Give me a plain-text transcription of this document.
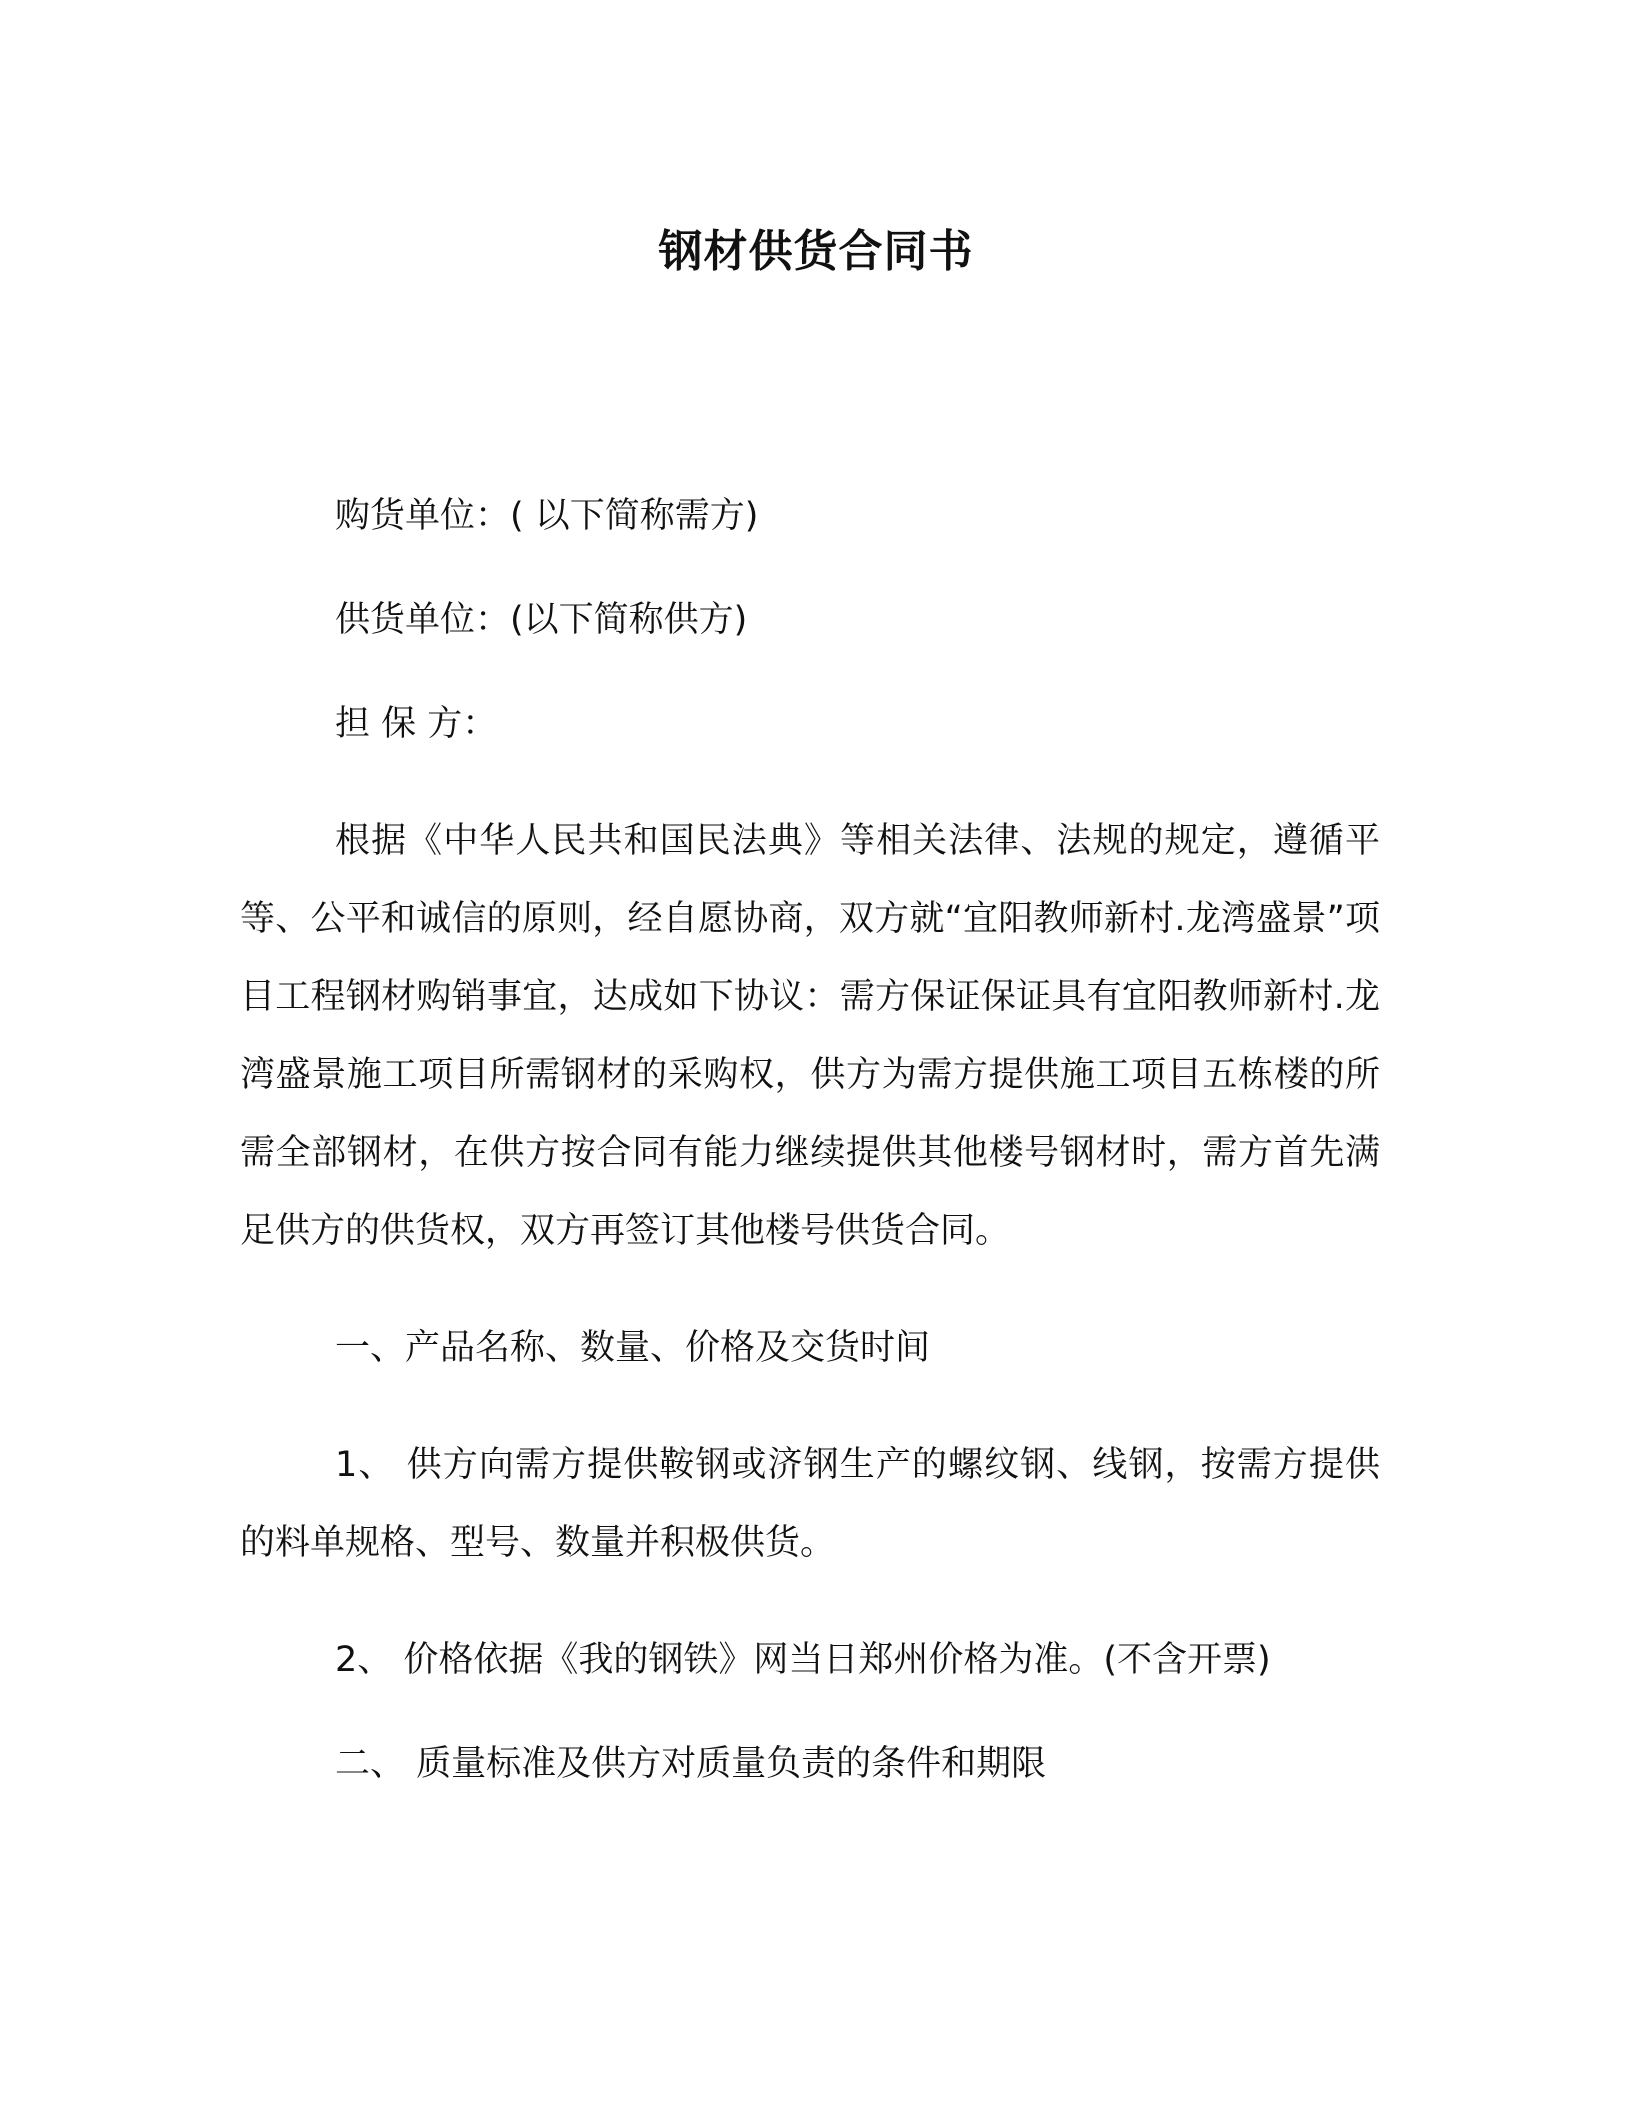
钢材供货合同书

购货单位：( 以下简称需方)

供货单位：(以下简称供方)

担 保 方：

根据《中华人民共和国民法典》等相关法律、法规的规定，遵循平等、公平和诚信的原则，经自愿协商，双方就“宜阳教师新村.龙湾盛景”项目工程钢材购销事宜，达成如下协议：需方保证保证具有宜阳教师新村.龙湾盛景施工项目所需钢材的采购权，供方为需方提供施工项目五栋楼的所需全部钢材，在供方按合同有能力继续提供其他楼号钢材时，需方首先满足供方的供货权，双方再签订其他楼号供货合同。

一、产品名称、数量、价格及交货时间

1、 供方向需方提供鞍钢或济钢生产的螺纹钢、线钢，按需方提供的料单规格、型号、数量并积极供货。

2、 价格依据《我的钢铁》网当日郑州价格为准。(不含开票)

二、 质量标准及供方对质量负责的条件和期限
